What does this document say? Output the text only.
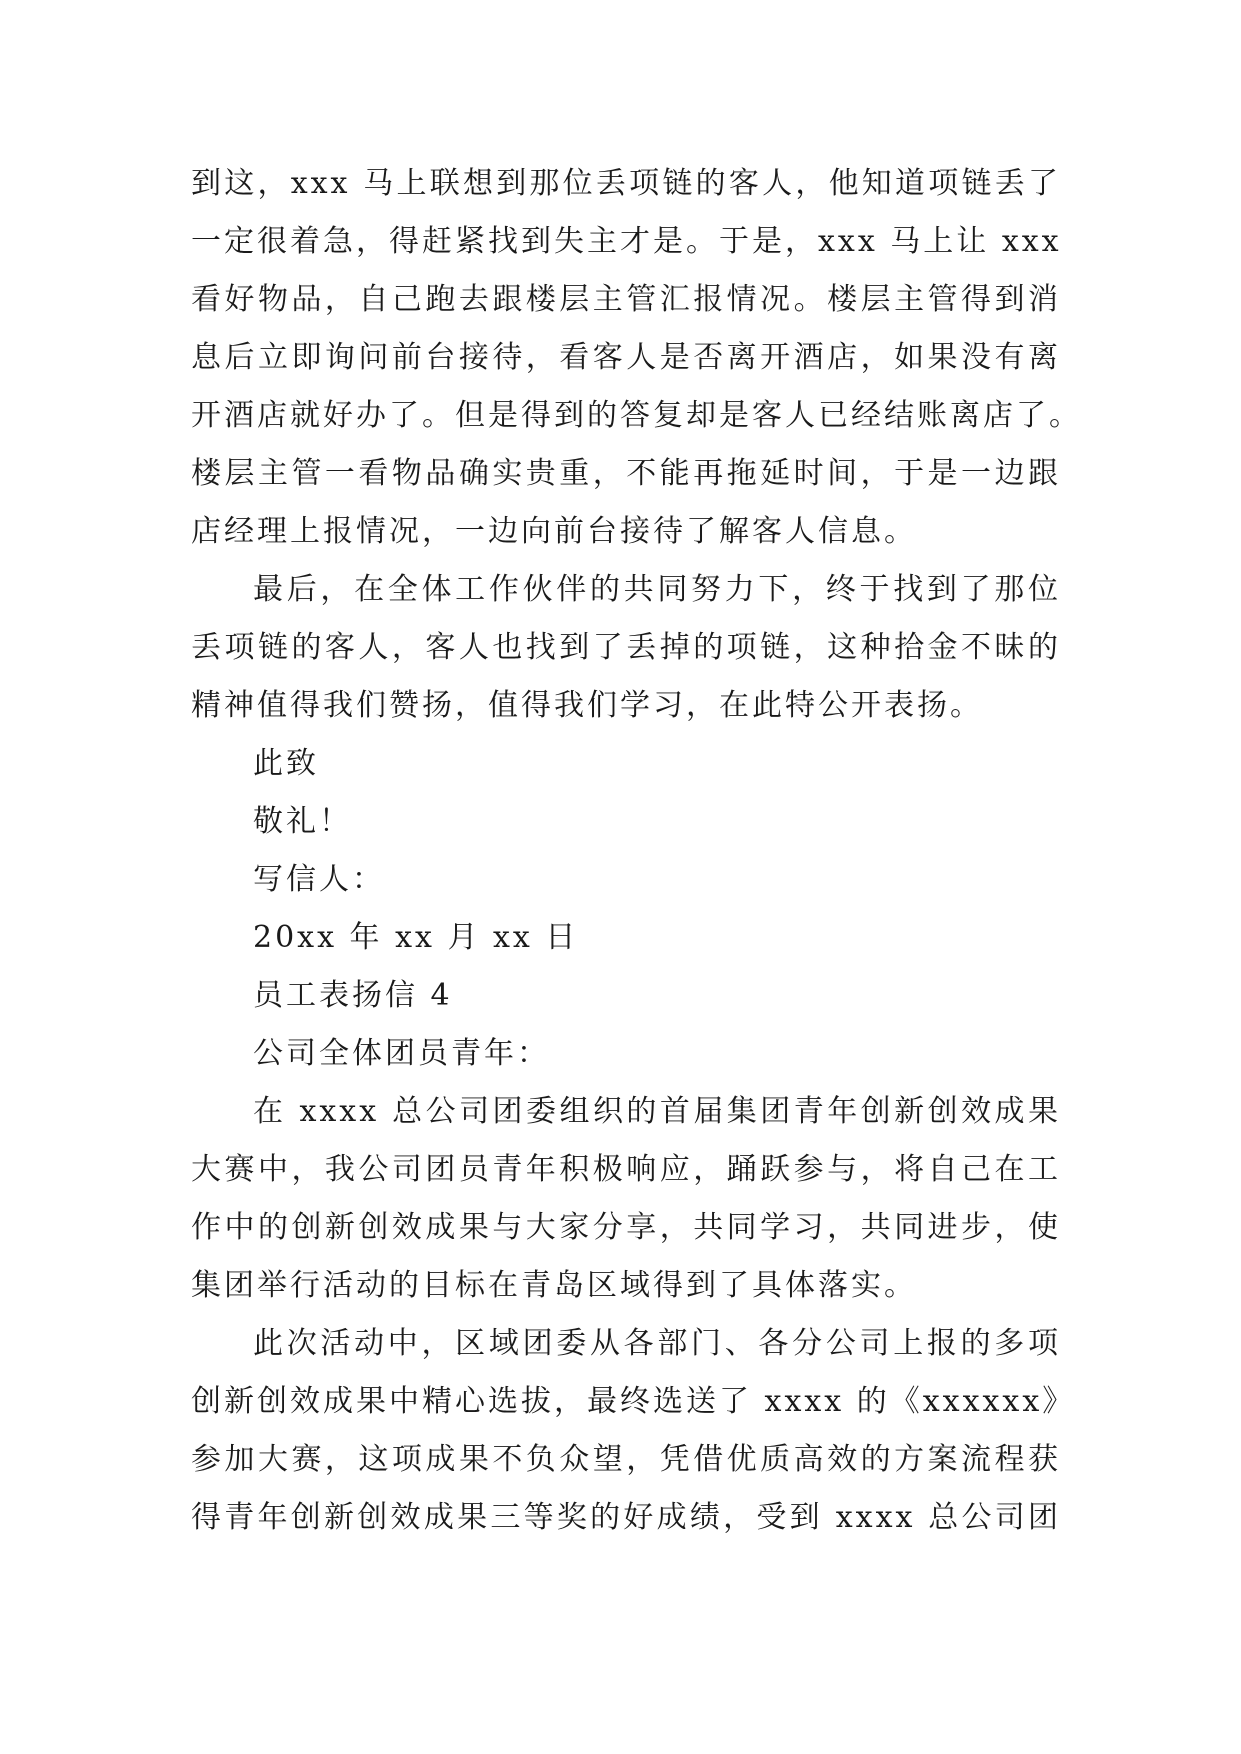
到这，xxx 马上联想到那位丢项链的客人，他知道项链丢了
一定很着急，得赶紧找到失主才是。于是，xxx 马上让 xxx
看好物品，自己跑去跟楼层主管汇报情况。楼层主管得到消
息后立即询问前台接待，看客人是否离开酒店，如果没有离
开酒店就好办了。但是得到的答复却是客人已经结账离店了。
楼层主管一看物品确实贵重，不能再拖延时间，于是一边跟
店经理上报情况，一边向前台接待了解客人信息。
最后，在全体工作伙伴的共同努力下，终于找到了那位
丢项链的客人，客人也找到了丢掉的项链，这种拾金不昧的
精神值得我们赞扬，值得我们学习，在此特公开表扬。
此致
敬礼！
写信人：
20xx 年 xx 月 xx 日
员工表扬信 4
公司全体团员青年：
在 xxxx 总公司团委组织的首届集团青年创新创效成果
大赛中，我公司团员青年积极响应，踊跃参与，将自己在工
作中的创新创效成果与大家分享，共同学习，共同进步，使
集团举行活动的目标在青岛区域得到了具体落实。
此次活动中，区域团委从各部门、各分公司上报的多项
创新创效成果中精心选拔，最终选送了 xxxx 的《xxxxxx》
参加大赛，这项成果不负众望，凭借优质高效的方案流程获
得青年创新创效成果三等奖的好成绩，受到 xxxx 总公司团
